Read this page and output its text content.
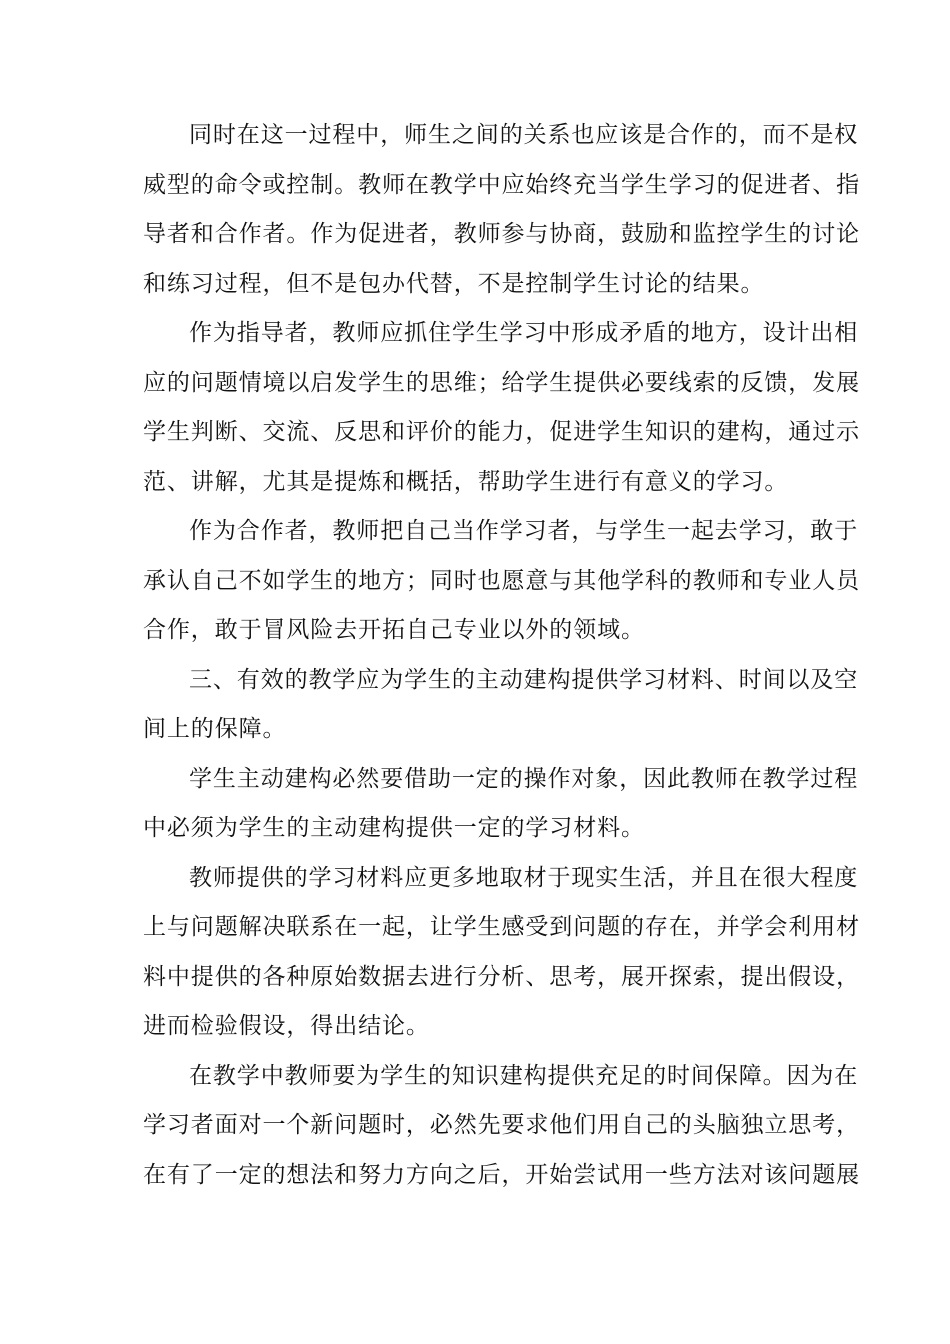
同时在这一过程中，师生之间的关系也应该是合作的，而不是权
威型的命令或控制。教师在教学中应始终充当学生学习的促进者、指
导者和合作者。作为促进者，教师参与协商，鼓励和监控学生的讨论
和练习过程，但不是包办代替，不是控制学生讨论的结果。
作为指导者，教师应抓住学生学习中形成矛盾的地方，设计出相
应的问题情境以启发学生的思维；给学生提供必要线索的反馈，发展
学生判断、交流、反思和评价的能力，促进学生知识的建构，通过示
范、讲解，尤其是提炼和概括，帮助学生进行有意义的学习。
作为合作者，教师把自己当作学习者，与学生一起去学习，敢于
承认自己不如学生的地方；同时也愿意与其他学科的教师和专业人员
合作，敢于冒风险去开拓自己专业以外的领域。
三、有效的教学应为学生的主动建构提供学习材料、时间以及空
间上的保障。
学生主动建构必然要借助一定的操作对象，因此教师在教学过程
中必须为学生的主动建构提供一定的学习材料。
教师提供的学习材料应更多地取材于现实生活，并且在很大程度
上与问题解决联系在一起，让学生感受到问题的存在，并学会利用材
料中提供的各种原始数据去进行分析、思考，展开探索，提出假设，
进而检验假设，得出结论。
在教学中教师要为学生的知识建构提供充足的时间保障。因为在
学习者面对一个新问题时，必然先要求他们用自己的头脑独立思考，
在有了一定的想法和努力方向之后，开始尝试用一些方法对该问题展
